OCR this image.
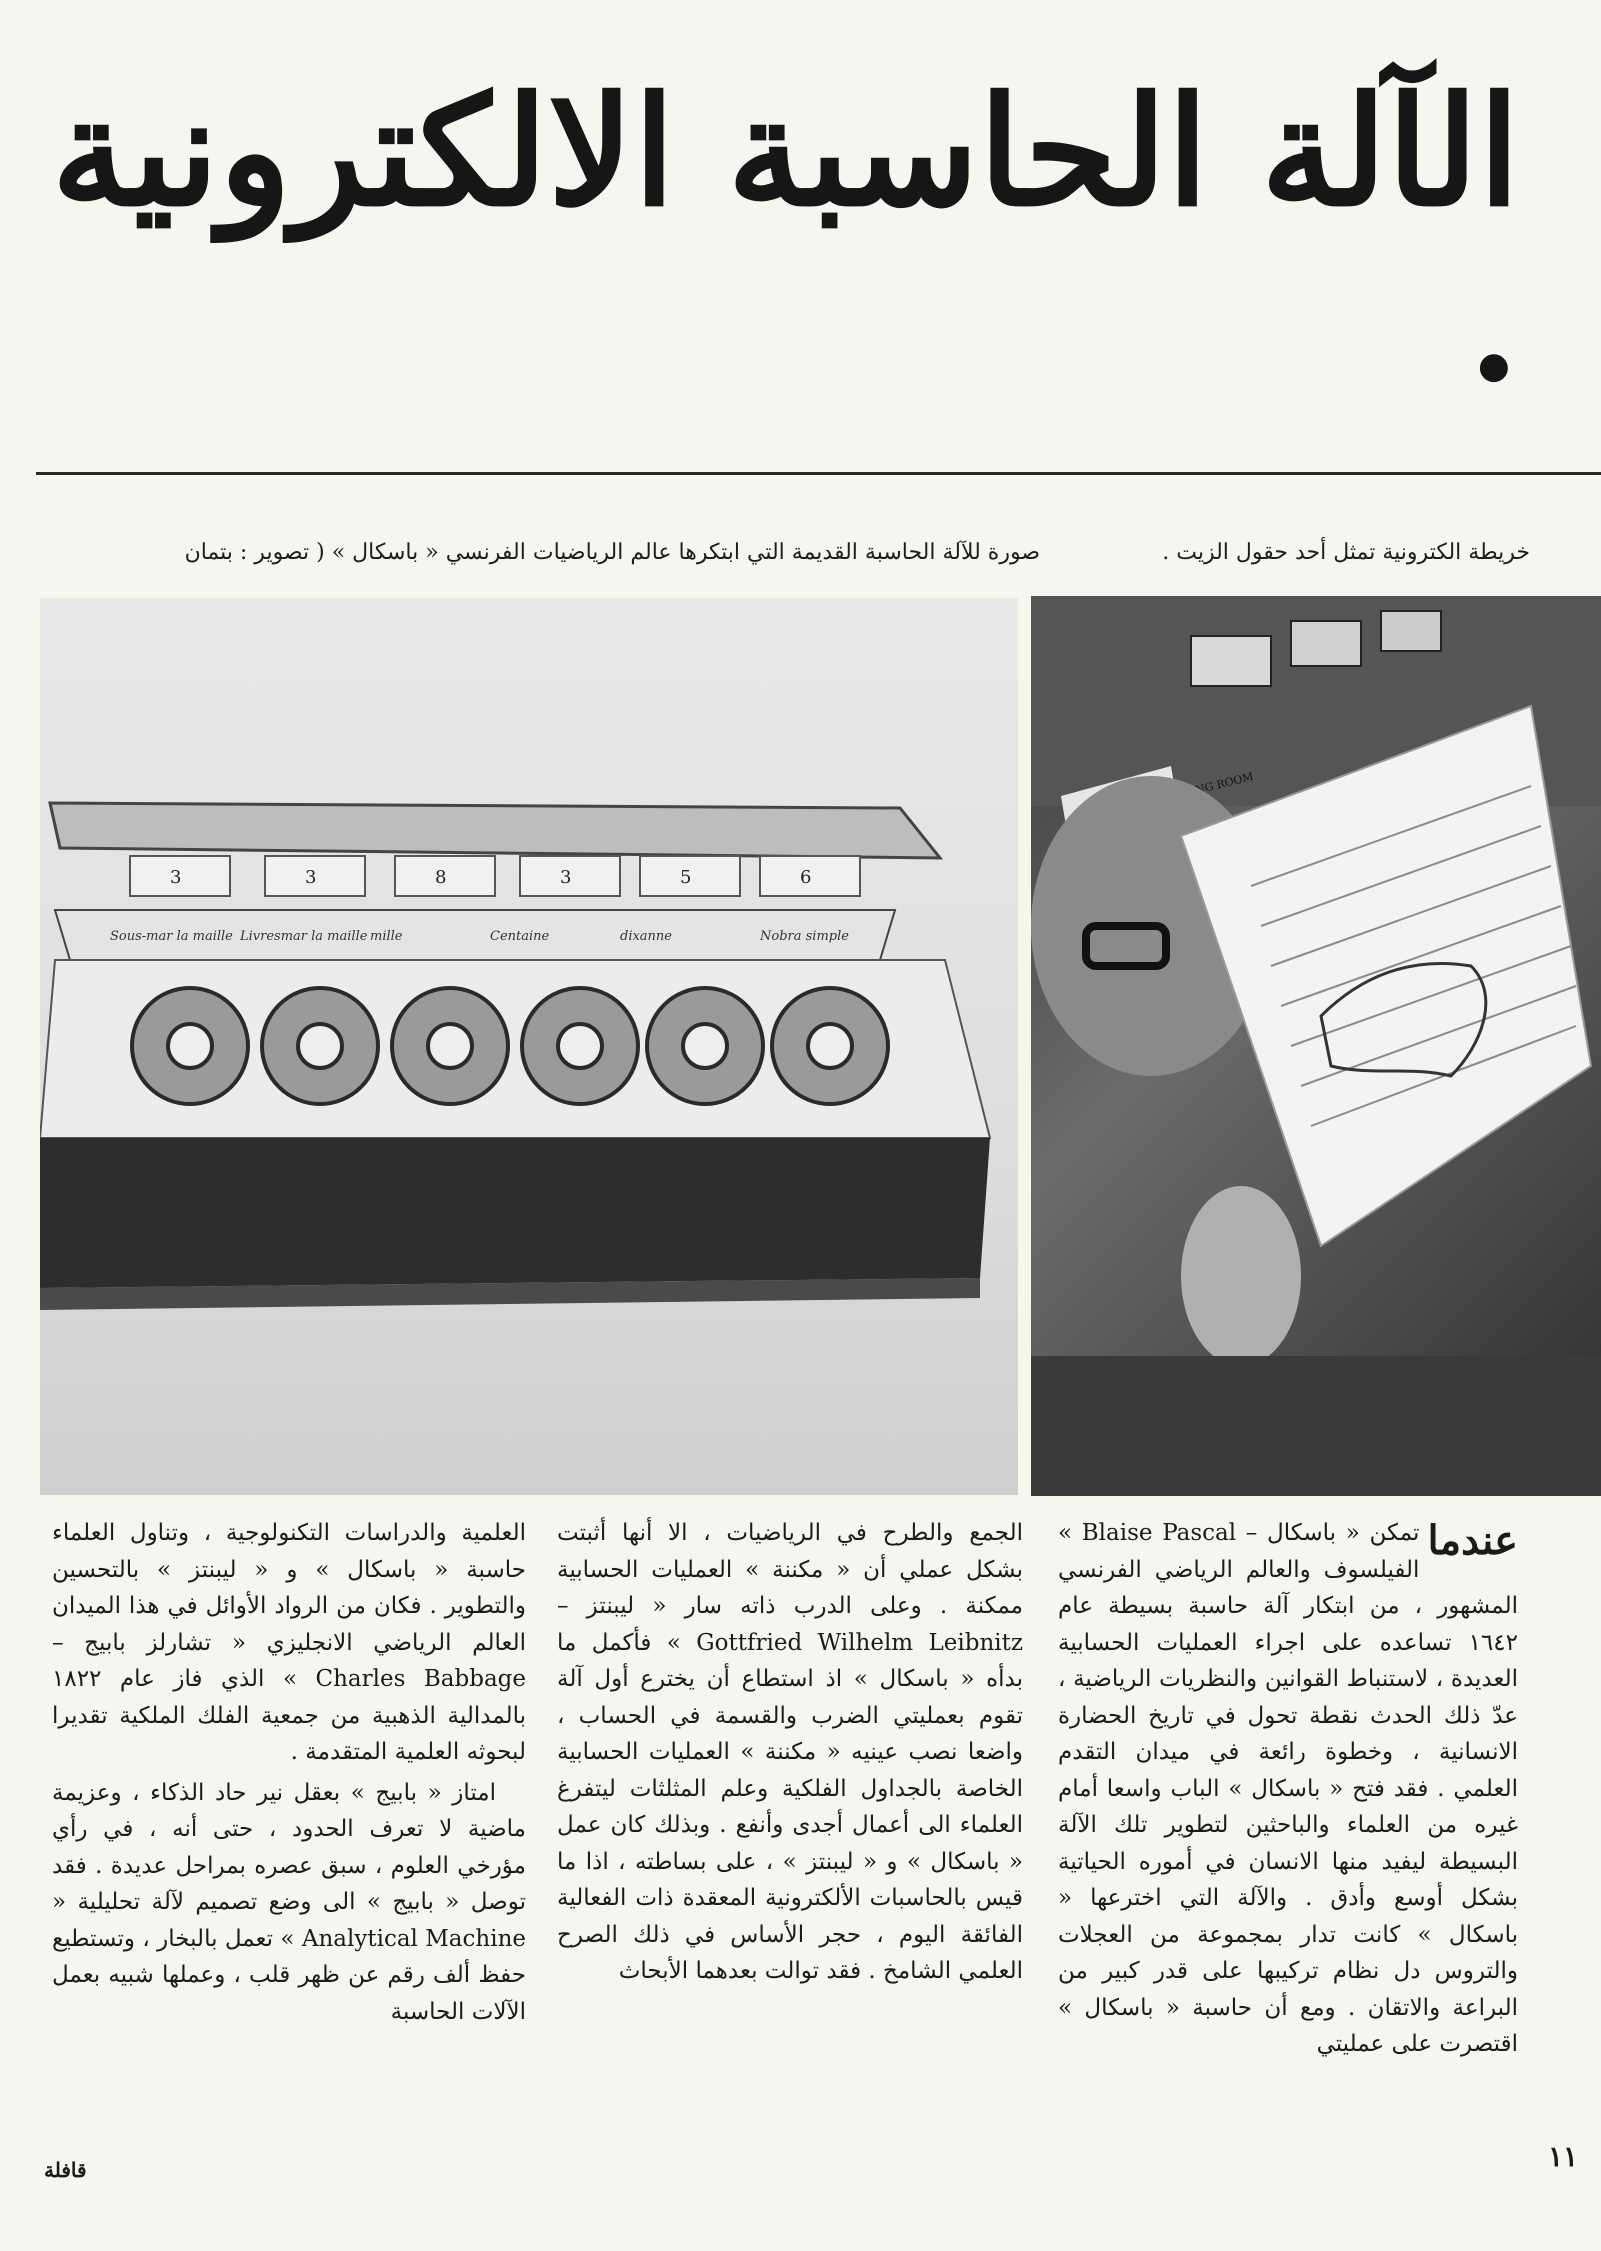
الآلة الحاسبة الالكترونية .
صورة للآلة الحاسبة القديمة التي ابتكرها عالم الرياضيات الفرنسي « باسكال » ( تصوير : بتمان	خريطة الكترونية تمثل أحد حقول الزيت .
3	3	8	3	5	6
Sous-mar la maille Livresmar la maille mille	Centaine	dixanne	Nobra simple

عندما
تمكن « باسكال – Blaise Pascal » الفيلسوف والعالم الرياضي الفرنسي المشهور ، من ابتكار آلة حاسبة بسيطة عام ١٦٤٢ تساعده على اجراء العمليات الحسابية العديدة ، لاستنباط القوانين والنظريات الرياضية ، عدّ ذلك الحدث نقطة تحول في تاريخ الحضارة الانسانية ، وخطوة رائعة في ميدان التقدم العلمي . فقد فتح « باسكال » الباب واسعا أمام غيره من العلماء والباحثين لتطوير تلك الآلة البسيطة ليفيد منها الانسان في أموره الحياتية بشكل أوسع وأدق . والآلة التي اخترعها « باسكال » كانت تدار بمجموعة من العجلات والتروس دل نظام تركيبها على قدر كبير من البراعة والاتقان . ومع أن حاسبة « باسكال » اقتصرت على عمليتي

الجمع والطرح في الرياضيات ، الا أنها أثبتت بشكل عملي أن « مكننة » العمليات الحسابية ممكنة . وعلى الدرب ذاته سار « ليبنتز – Gottfried Wilhelm Leibnitz » فأكمل ما بدأه « باسكال » اذ استطاع أن يخترع أول آلة تقوم بعمليتي الضرب والقسمة في الحساب ، واضعا نصب عينيه « مكننة » العمليات الحسابية الخاصة بالجداول الفلكية وعلم المثلثات ليتفرغ العلماء الى أعمال أجدى وأنفع . وبذلك كان عمل « باسكال » و « ليبنتز » ، على بساطته ، اذا ما قيس بالحاسبات الألكترونية المعقدة ذات الفعالية الفائقة اليوم ، حجر الأساس في ذلك الصرح العلمي الشامخ . فقد توالت بعدهما الأبحاث

العلمية والدراسات التكنولوجية ، وتناول العلماء حاسبة « باسكال » و « ليبنتز » بالتحسين والتطوير . فكان من الرواد الأوائل في هذا الميدان العالم الرياضي الانجليزي « تشارلز بابيج – Charles Babbage » الذي فاز عام ١٨٢٢ بالمدالية الذهبية من جمعية الفلك الملكية تقديرا لبحوثه العلمية المتقدمة .

امتاز « بابيج » بعقل نير حاد الذكاء ، وعزيمة ماضية لا تعرف الحدود ، حتى أنه ، في رأي مؤرخي العلوم ، سبق عصره بمراحل عديدة . فقد توصل « بابيج » الى وضع تصميم لآلة تحليلية « Analytical Machine » تعمل بالبخار ، وتستطيع حفظ ألف رقم عن ظهر قلب ، وعملها شبيه بعمل الآلات الحاسبة

١١
قافلة
